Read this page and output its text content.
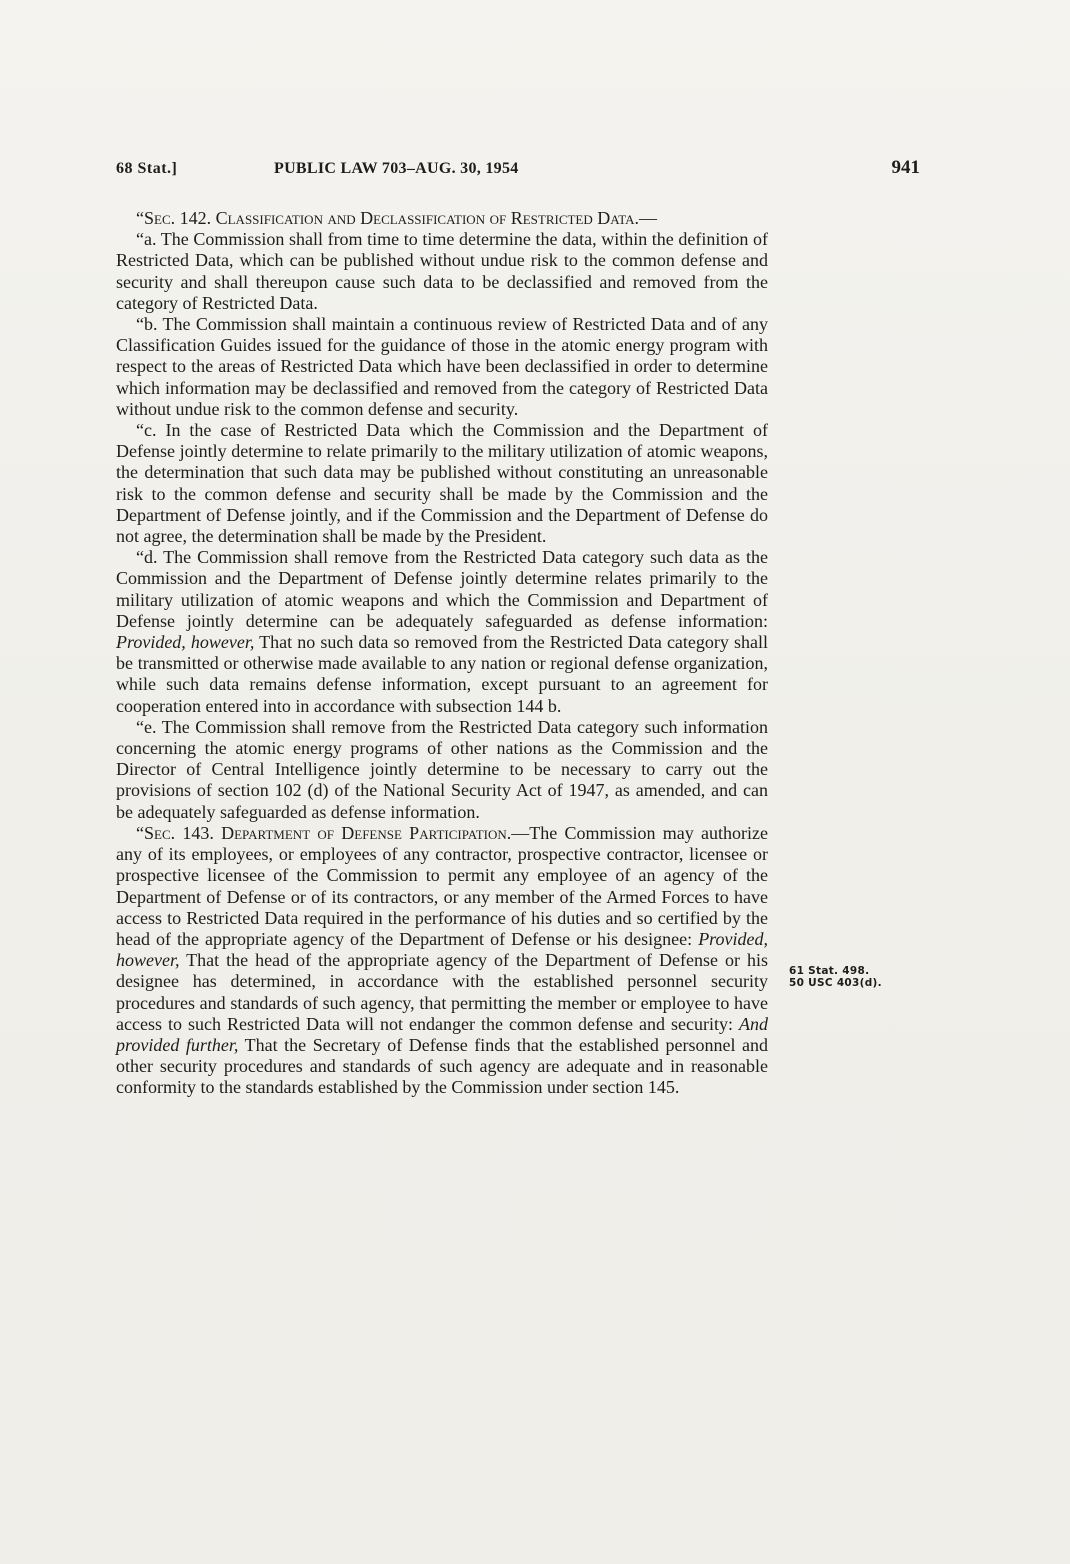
68 Stat.]	PUBLIC LAW 703–AUG. 30, 1954	941

“Sec. 142. Classification and Declassification of Restricted Data.—

“a. The Commission shall from time to time determine the data, within the definition of Restricted Data, which can be published without undue risk to the common defense and security and shall thereupon cause such data to be declassified and removed from the category of Restricted Data.

“b. The Commission shall maintain a continuous review of Restricted Data and of any Classification Guides issued for the guidance of those in the atomic energy program with respect to the areas of Restricted Data which have been declassified in order to determine which information may be declassified and removed from the category of Restricted Data without undue risk to the common defense and security.

“c. In the case of Restricted Data which the Commission and the Department of Defense jointly determine to relate primarily to the military utilization of atomic weapons, the determination that such data may be published without constituting an unreasonable risk to the common defense and security shall be made by the Commission and the Department of Defense jointly, and if the Commission and the Department of Defense do not agree, the determination shall be made by the President.

“d. The Commission shall remove from the Restricted Data category such data as the Commission and the Department of Defense jointly determine relates primarily to the military utilization of atomic weapons and which the Commission and Department of Defense jointly determine can be adequately safeguarded as defense information: Provided, however, That no such data so removed from the Restricted Data category shall be transmitted or otherwise made available to any nation or regional defense organization, while such data remains defense information, except pursuant to an agreement for cooperation entered into in accordance with subsection 144 b.

“e. The Commission shall remove from the Restricted Data category such information concerning the atomic energy programs of other nations as the Commission and the Director of Central Intelligence jointly determine to be necessary to carry out the provisions of section 102 (d) of the National Security Act of 1947, as amended, and can be adequately safeguarded as defense information.

“Sec. 143. Department of Defense Participation.—The Commission may authorize any of its employees, or employees of any contractor, prospective contractor, licensee or prospective licensee of the Commission to permit any employee of an agency of the Department of Defense or of its contractors, or any member of the Armed Forces to have access to Restricted Data required in the performance of his duties and so certified by the head of the appropriate agency of the Department of Defense or his designee: Provided, however, That the head of the appropriate agency of the Department of Defense or his designee has determined, in accordance with the established personnel security procedures and standards of such agency, that permitting the member or employee to have access to such Restricted Data will not endanger the common defense and security: And provided further, That the Secretary of Defense finds that the established personnel and other security procedures and standards of such agency are adequate and in reasonable conformity to the standards established by the Commission under section 145.

61 Stat. 498.
50 USC 403(d).
